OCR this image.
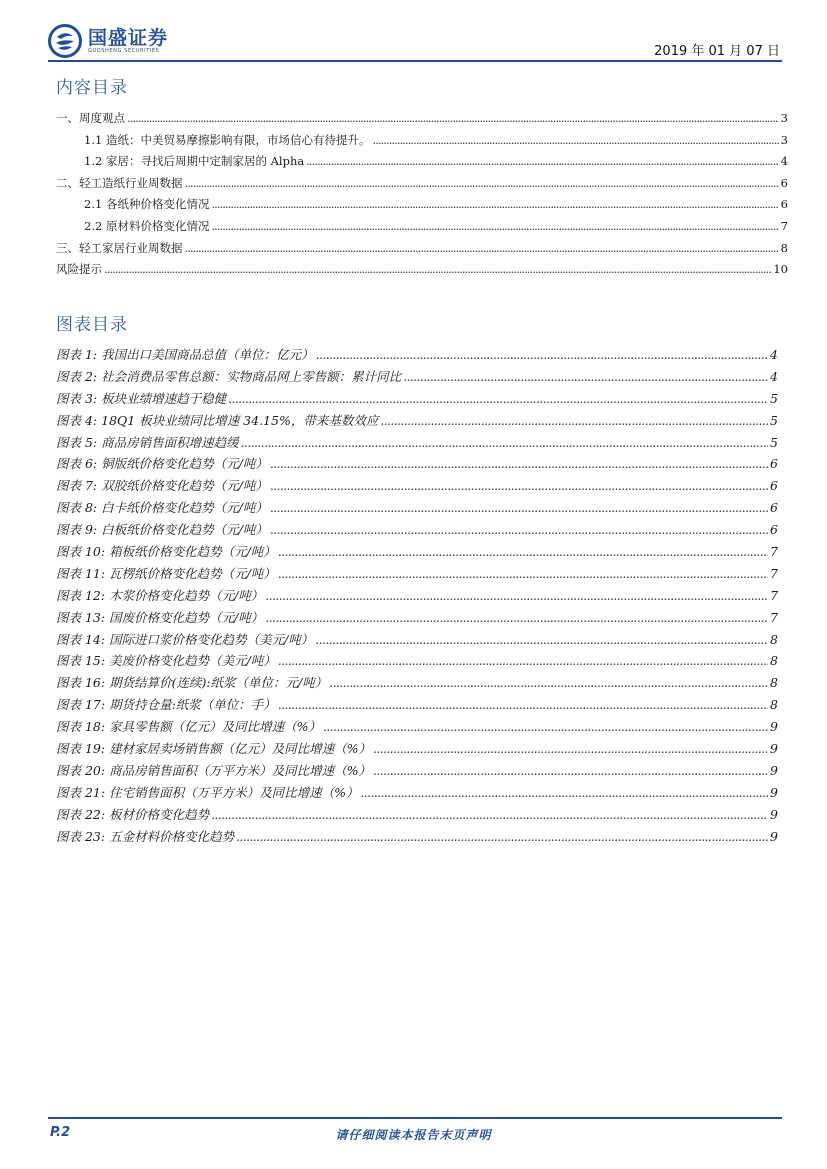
国盛证券
GUOSHENG SECURITIES	2019 年 01 月 07 日
内容目录
一、周度观点 . . .	3
1.1 造纸：中美贸易摩擦影响有限，市场信心有待提升。 . . .	3
1.2 家居：寻找后周期中定制家居的 Alpha . . .	4
二、轻工造纸行业周数据 . . .	6
2.1 各纸种价格变化情况 . . .	6
2.2 原材料价格变化情况 . . .	7
三、轻工家居行业周数据 . . .	8
风险提示 . . .	10
图表目录
图表 1: 我国出口美国商品总值（单位：亿元） . . .	4
图表 2: 社会消费品零售总额：实物商品网上零售额：累计同比 . . .	4
图表 3: 板块业绩增速趋于稳健 . . .	5
图表 4: 18Q1 板块业绩同比增速 34.15%，带来基数效应 . . .	5
图表 5: 商品房销售面积增速趋缓 . . .	5
图表 6: 铜版纸价格变化趋势（元/吨） . . .	6
图表 7: 双胶纸价格变化趋势（元/吨） . . .	6
图表 8: 白卡纸价格变化趋势（元/吨） . . .	6
图表 9: 白板纸价格变化趋势（元/吨） . . .	6
图表 10: 箱板纸价格变化趋势（元/吨） . . .	7
图表 11: 瓦楞纸价格变化趋势（元/吨） . . .	7
图表 12: 木浆价格变化趋势（元/吨） . . .	7
图表 13: 国废价格变化趋势（元/吨） . . .	7
图表 14: 国际进口浆价格变化趋势（美元/吨） . . .	8
图表 15: 美废价格变化趋势（美元/吨） . . .	8
图表 16: 期货结算价(连续):纸浆（单位：元/吨） . . .	8
图表 17: 期货持仓量:纸浆（单位：手） . . .	8
图表 18: 家具零售额（亿元）及同比增速（%） . . .	9
图表 19: 建材家居卖场销售额（亿元）及同比增速（%） . . .	9
图表 20: 商品房销售面积（万平方米）及同比增速（%） . . .	9
图表 21: 住宅销售面积（万平方米）及同比增速（%） . . .	9
图表 22: 板材价格变化趋势 . . .	9
图表 23: 五金材料价格变化趋势 . . .	9
P.2	请仔细阅读本报告末页声明
